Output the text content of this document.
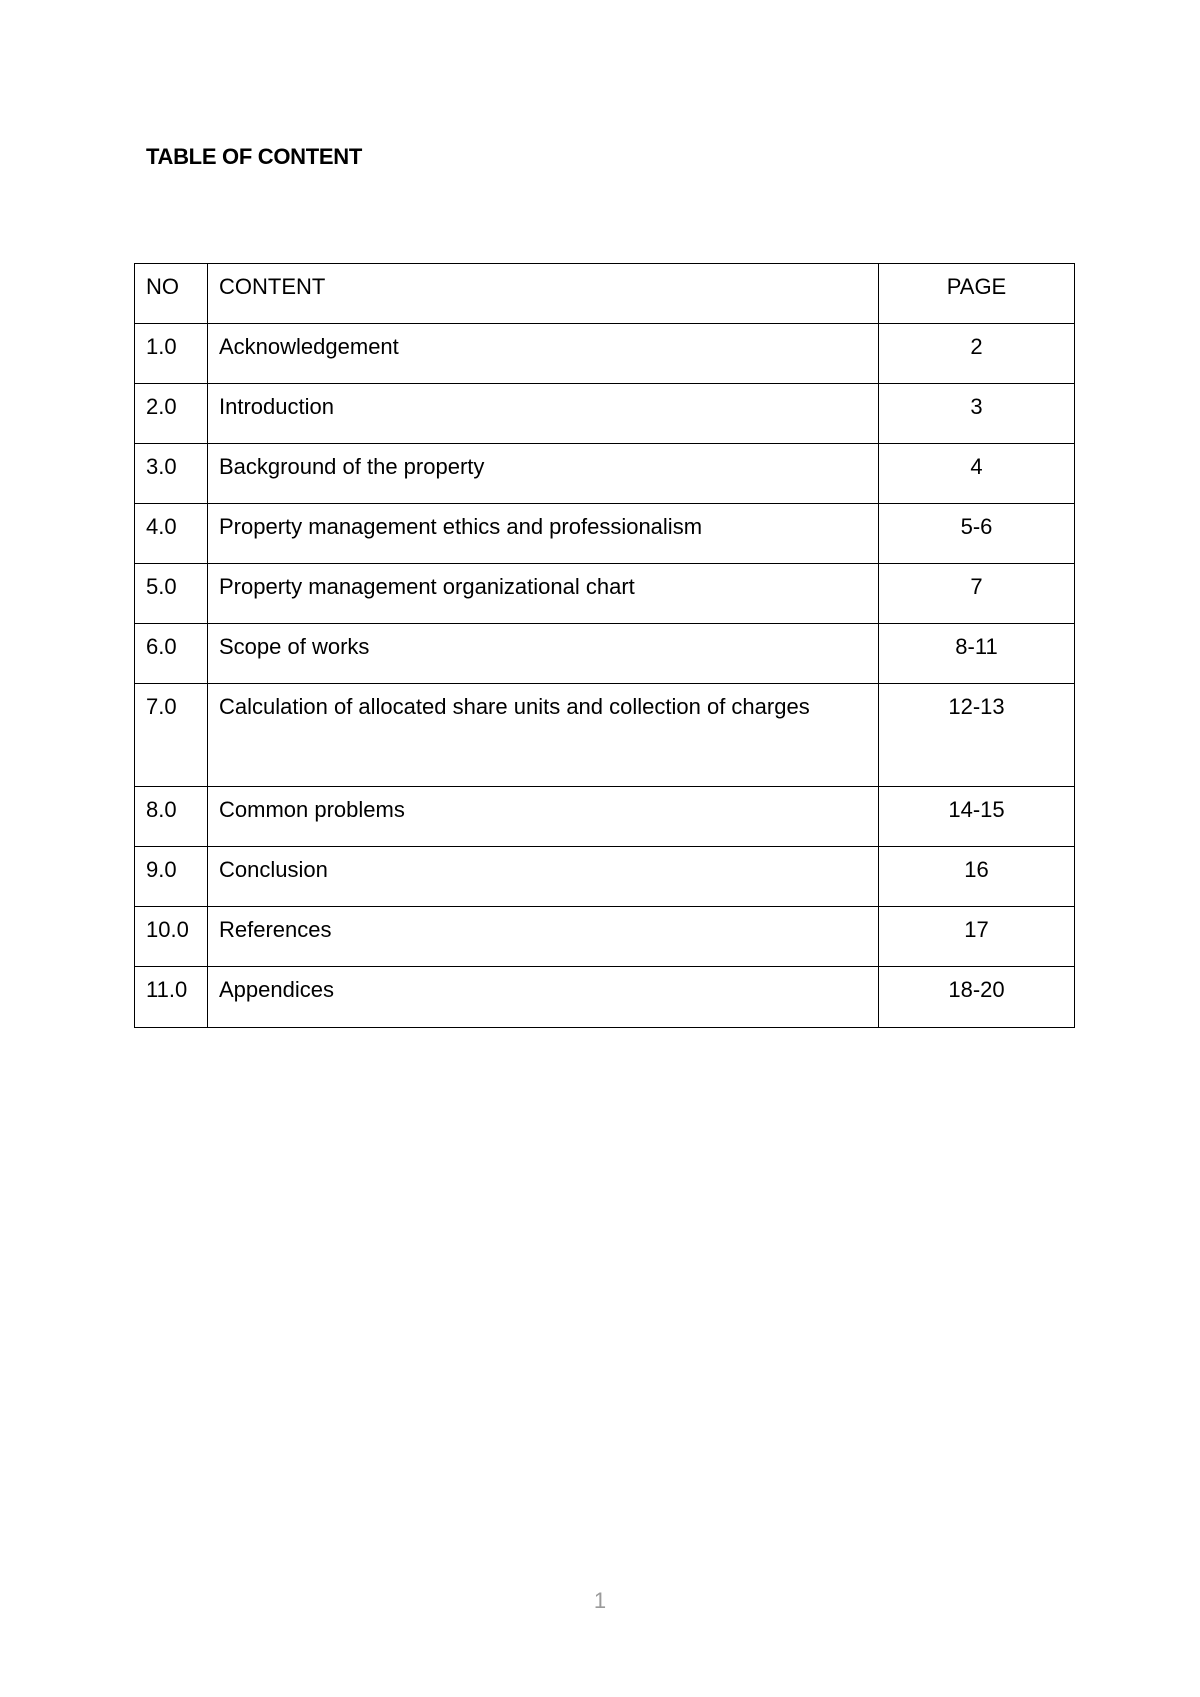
TABLE OF CONTENT
NO	CONTENT	PAGE

1.0	Acknowledgement	2

2.0	Introduction	3

3.0	Background of the property	4

4.0	Property management ethics and professionalism	5-6

5.0	Property management organizational chart	7

6.0	Scope of works	8-11

7.0	Calculation of allocated share units and collection of charges	12-13

8.0	Common problems	14-15

9.0	Conclusion	16

10.0	References	17

11.0	Appendices	18-20
1
